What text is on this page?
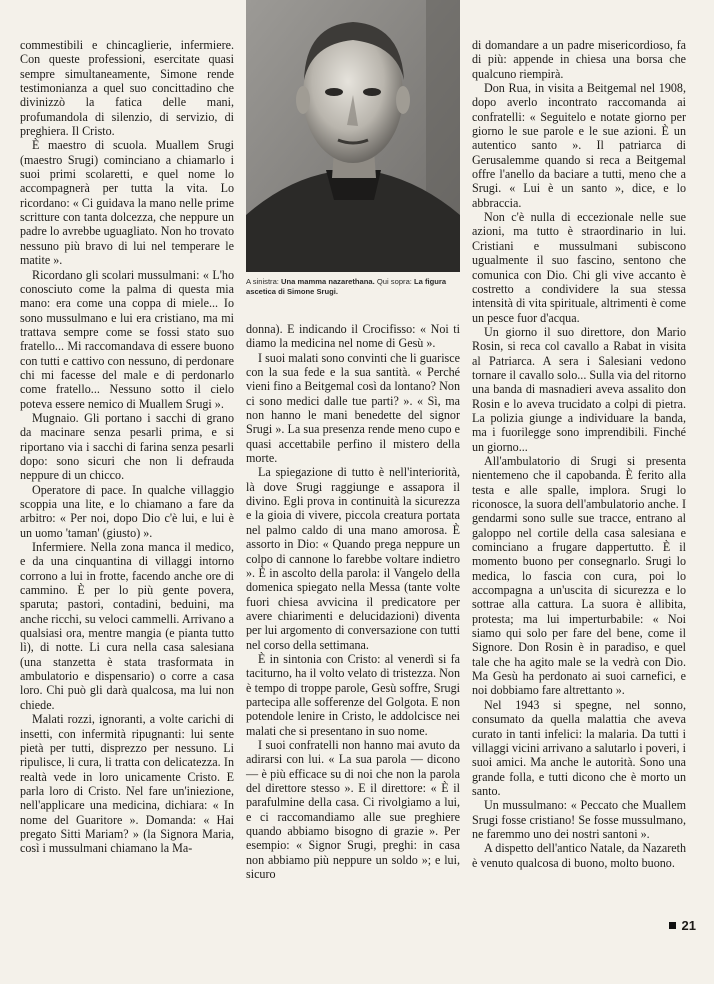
A sinistra: Una mamma nazarethana. Qui sopra: La figura ascetica di Simone Srugi.

commestibili e chincaglierie, infermiere. Con queste professioni, esercitate quasi sempre simultaneamente, Simone rende testimonianza a quel suo concittadino che divinizzò la fatica delle mani, profumandola di silenzio, di servizio, di preghiera. Il Cristo.

È maestro di scuola. Muallem Srugi (maestro Srugi) cominciano a chiamarlo i suoi primi scolaretti, e quel nome lo accompagnerà per tutta la vita. Lo ricordano: « Ci guidava la mano nelle prime scritture con tanta dolcezza, che neppure un padre lo avrebbe uguagliato. Non ho trovato nessuno più bravo di lui nel temperare le matite ».

Ricordano gli scolari mussulmani: « L'ho conosciuto come la palma di questa mia mano: era come una coppa di miele... Io sono mussulmano e lui era cristiano, ma mi trattava sempre come se fossi stato suo fratello... Mi raccomandava di essere buono con tutti e cattivo con nessuno, di perdonare chi mi facesse del male e di perdonarlo come fratello... Nessuno sotto il cielo poteva essere nemico di Muallem Srugi ».

Mugnaio. Gli portano i sacchi di grano da macinare senza pesarli prima, e si riportano via i sacchi di farina senza pesarli dopo: sono sicuri che non li defrauda neppure di un chicco.

Operatore di pace. In qualche villaggio scoppia una lite, e lo chiamano a fare da arbitro: « Per noi, dopo Dio c'è lui, e lui è un uomo 'taman' (giusto) ».

Infermiere. Nella zona manca il medico, e da una cinquantina di villaggi intorno corrono a lui in frotte, facendo anche ore di cammino. È per lo più gente povera, sparuta; pastori, contadini, beduini, ma anche ricchi, su veloci cammelli. Arrivano a qualsiasi ora, mentre mangia (e pianta tutto lì), di notte. Li cura nella casa salesiana (una stanzetta è stata trasformata in ambulatorio e dispensario) o corre a casa loro. Chi può gli darà qualcosa, ma lui non chiede.

Malati rozzi, ignoranti, a volte carichi di insetti, con infermità ripugnanti: lui sente pietà per tutti, disprezzo per nessuno. Li ripulisce, li cura, li tratta con delicatezza. In realtà vede in loro unicamente Cristo. E parla loro di Cristo. Nel fare un'iniezione, nell'applicare una medicina, dichiara: « In nome del Guaritore ». Domanda: « Hai pregato Sitti Mariam? » (la Signora Maria, così i mussulmani chiamano la Ma-

donna). E indicando il Crocifisso: « Noi ti diamo la medicina nel nome di Gesù ».

I suoi malati sono convinti che li guarisce con la sua fede e la sua santità. « Perché vieni fino a Beitgemal così da lontano? Non ci sono medici dalle tue parti? ». « Sì, ma non hanno le mani benedette del signor Srugi ». La sua presenza rende meno cupo e quasi accettabile perfino il mistero della morte.

La spiegazione di tutto è nell'interiorità, là dove Srugi raggiunge e assapora il divino. Egli prova in continuità la sicurezza e la gioia di vivere, piccola creatura portata nel palmo caldo di una mano amorosa. È assorto in Dio: « Quando prega neppure un colpo di cannone lo farebbe voltare indietro ». È in ascolto della parola: il Vangelo della domenica spiegato nella Messa (tante volte fuori chiesa avvicina il predicatore per avere chiarimenti e delucidazioni) diventa per lui argomento di conversazione con tutti nel corso della settimana.

È in sintonia con Cristo: al venerdì si fa taciturno, ha il volto velato di tristezza. Non è tempo di troppe parole, Gesù soffre, Srugi partecipa alle sofferenze del Golgota. E non potendole lenire in Cristo, le addolcisce nei malati che si presentano in suo nome.

I suoi confratelli non hanno mai avuto da adirarsi con lui. « La sua parola — dicono — è più efficace su di noi che non la parola del direttore stesso ». E il direttore: « È il parafulmine della casa. Ci rivolgiamo a lui, e ci raccomandiamo alle sue preghiere quando abbiamo bisogno di grazie ». Per esempio: « Signor Srugi, preghi: in casa non abbiamo più neppure un soldo »; e lui, sicuro

di domandare a un padre misericordioso, fa di più: appende in chiesa una borsa che qualcuno riempirà.

Don Rua, in visita a Beitgemal nel 1908, dopo averlo incontrato raccomanda ai confratelli: « Seguitelo e notate giorno per giorno le sue parole e le sue azioni. È un autentico santo ». Il patriarca di Gerusalemme quando si reca a Beitgemal offre l'anello da baciare a tutti, meno che a Srugi. « Lui è un santo », dice, e lo abbraccia.

Non c'è nulla di eccezionale nelle sue azioni, ma tutto è straordinario in lui. Cristiani e mussulmani subiscono ugualmente il suo fascino, sentono che comunica con Dio. Chi gli vive accanto è costretto a condividere la sua stessa intensità di vita spirituale, altrimenti è come un pesce fuor d'acqua.

Un giorno il suo direttore, don Mario Rosin, si reca col cavallo a Rabat in visita al Patriarca. A sera i Salesiani vedono tornare il cavallo solo... Sulla via del ritorno una banda di masnadieri aveva assalito don Rosin e lo aveva trucidato a colpi di pietra. La polizia giunge a individuare la banda, ma i fuorilegge sono imprendibili. Finché un giorno...

All'ambulatorio di Srugi si presenta nientemeno che il capobanda. È ferito alla testa e alle spalle, implora. Srugi lo riconosce, la suora dell'ambulatorio anche. I gendarmi sono sulle sue tracce, entrano al galoppo nel cortile della casa salesiana e cominciano a frugare dappertutto. È il momento buono per consegnarlo. Srugi lo medica, lo fascia con cura, poi lo accompagna a un'uscita di sicurezza e lo sottrae alla cattura. La suora è allibita, protesta; ma lui imperturbabile: « Noi siamo qui solo per fare del bene, come il Signore. Don Rosin è in paradiso, e quel tale che ha agito male se la vedrà con Dio. Ma Gesù ha perdonato ai suoi carnefici, e noi dobbiamo fare altrettanto ».

Nel 1943 si spegne, nel sonno, consumato da quella malattia che aveva curato in tanti infelici: la malaria. Da tutti i villaggi vicini arrivano a salutarlo i poveri, i suoi amici. Ma anche le autorità. Sono una grande folla, e tutti dicono che è morto un santo.

Un mussulmano: « Peccato che Muallem Srugi fosse cristiano! Se fosse mussulmano, ne faremmo uno dei nostri santoni ».

A dispetto dell'antico Natale, da Nazareth è venuto qualcosa di buono, molto buono.

21
